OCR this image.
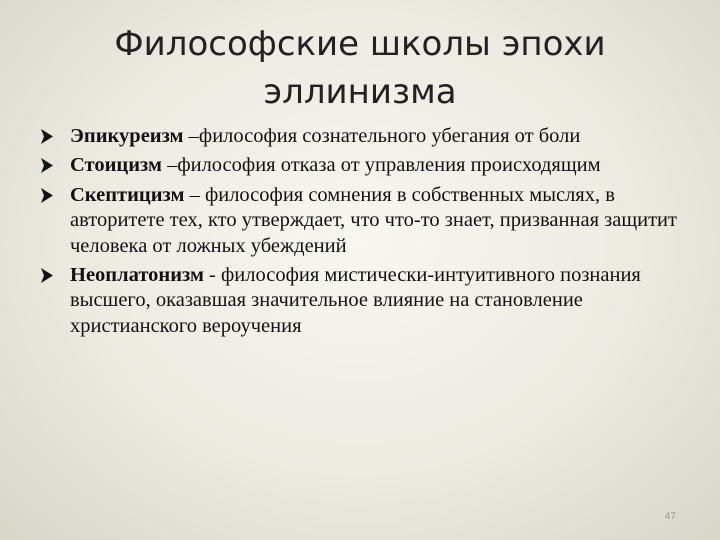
Философские школы эпохи
эллинизма
Эпикуреизм –философия сознательного убегания от боли
Стоицизм –философия отказа от управления происходящим
Скептицизм – философия сомнения в собственных мыслях, в авторитете тех, кто утверждает, что что-то знает, призванная защитит человека от ложных убеждений
Неоплатонизм - философия мистически-интуитивного познания высшего, оказавшая значительное влияние на становление христианского вероучения
47
